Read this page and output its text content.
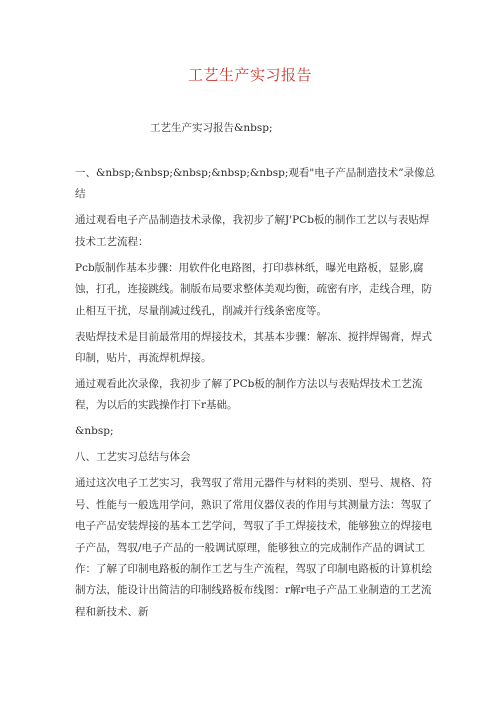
工艺生产实习报告

工艺生产实习报告&nbsp;

一、&nbsp;&nbsp;&nbsp;&nbsp;&nbsp;观看"电子产品制造技术”录像总结

通过观看电子产品制造技术录像，我初步了解J'PCb板的制作工艺以与表贴焊技术工艺流程：

Pcb版制作基本步骤：用软件化电路图，打印恭林纸，曝光电路板，显影,腐蚀，打孔，连接跳线。制版布局要求整体美观均衡，疏密有序，走线合理，防止相互干扰，尽量削减过线孔，削减并行线条密度等。

表贴焊技术是目前最常用的焊接技术，其基本步骤：解冻、搅拌焊锡膏，焊式印制，贴片，再流焊机焊接。

通过观看此次录像，我初步了解了PCb板的制作方法以与表贴焊技术工艺流程，为以后的实践操作打下r基础。

&nbsp;

八、工艺实习总结与体会

通过这次电子工艺实习，我驾驭了常用元器件与材料的类别、型号、规格、符号、性能与一般选用学问，熟识了常用仪器仪表的作用与其测量方法：驾驭了电子产品安装焊接的基本工艺学问，驾驭了手工焊接技术，能够独立的焊接电子产品，驾驭/电子产品的一般调试原理，能够独立的完成制作产品的调试工作：了解了印制电路板的制作工艺与生产流程，驾驭了印制电路板的计算机绘制方法，能设计出简洁的印制线路板布线图：r解r电子产品工业制造的工艺流程和新技术、新
